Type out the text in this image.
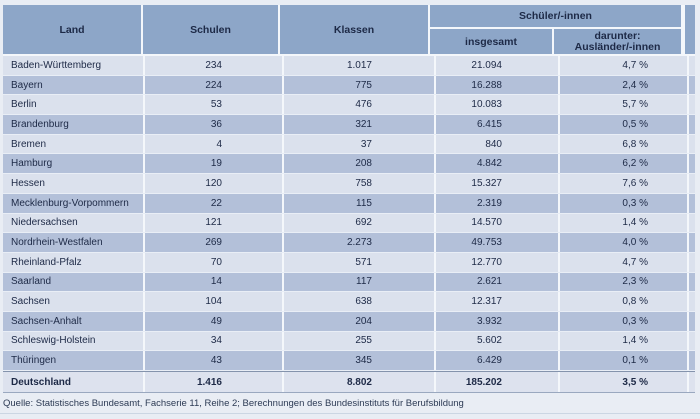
Land	Schulen	Klassen
Schüler/-innen
insgesamt	darunter:
Ausländer/-innen
Baden-Württemberg	234	1.017	21.094	4,7 %
Bayern	224	775	16.288	2,4 %
Berlin	53	476	10.083	5,7 %
Brandenburg	36	321	6.415	0,5 %
Bremen	4	37	840	6,8 %
Hamburg	19	208	4.842	6,2 %
Hessen	120	758	15.327	7,6 %
Mecklenburg-Vorpommern	22	115	2.319	0,3 %
Niedersachsen	121	692	14.570	1,4 %
Nordrhein-Westfalen	269	2.273	49.753	4,0 %
Rheinland-Pfalz	70	571	12.770	4,7 %
Saarland	14	117	2.621	2,3 %
Sachsen	104	638	12.317	0,8 %
Sachsen-Anhalt	49	204	3.932	0,3 %
Schleswig-Holstein	34	255	5.602	1,4 %
Thüringen	43	345	6.429	0,1 %
Deutschland	1.416	8.802	185.202	3,5 %
Quelle: Statistisches Bundesamt, Fachserie 11, Reihe 2; Berechnungen des Bundesinstituts für Berufsbildung
